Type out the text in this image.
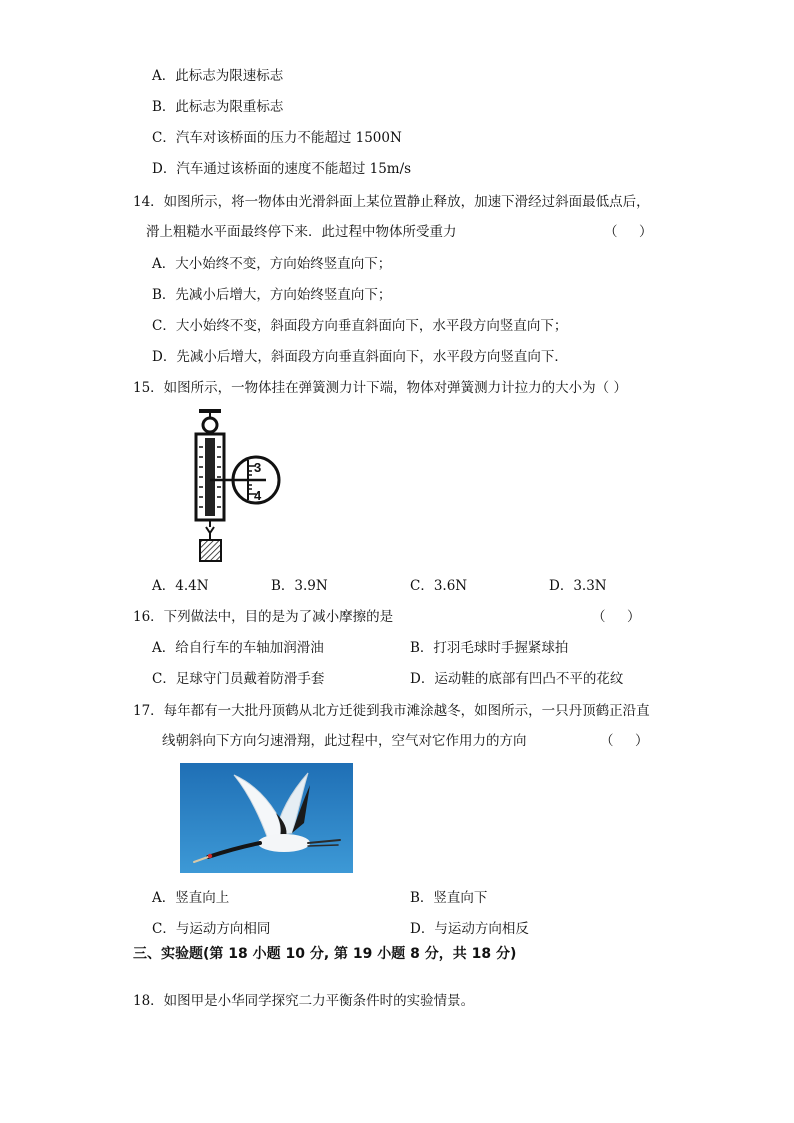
A．此标志为限速标志
B．此标志为限重标志
C．汽车对该桥面的压力不能超过 1500N
D．汽车通过该桥面的速度不能超过 15m/s
14．如图所示，将一物体由光滑斜面上某位置静止释放，加速下滑经过斜面最低点后，
滑上粗糙水平面最终停下来．此过程中物体所受重力	（     ）
A．大小始终不变，方向始终竖直向下；
B．先减小后增大，方向始终竖直向下；
C．大小始终不变，斜面段方向垂直斜面向下，水平段方向竖直向下；
D．先减小后增大，斜面段方向垂直斜面向下，水平段方向竖直向下．
15．如图所示，一物体挂在弹簧测力计下端，物体对弹簧测力计拉力的大小为（ ）
3
4
A．4.4N	B．3.9N	C．3.6N	D．3.3N
16．下列做法中，目的是为了减小摩擦的是	（     ）
A．给自行车的车轴加润滑油	B．打羽毛球时手握紧球拍
C．足球守门员戴着防滑手套	D．运动鞋的底部有凹凸不平的花纹
17．每年都有一大批丹顶鹤从北方迁徙到我市滩涂越冬，如图所示，一只丹顶鹤正沿直
线朝斜向下方向匀速滑翔，此过程中，空气对它作用力的方向	（     ）
A．竖直向上	B．竖直向下
C．与运动方向相同	D．与运动方向相反
三、实验题(第 18 小题 10 分, 第 19 小题 8 分，共 18 分)
18．如图甲是小华同学探究二力平衡条件时的实验情景。
